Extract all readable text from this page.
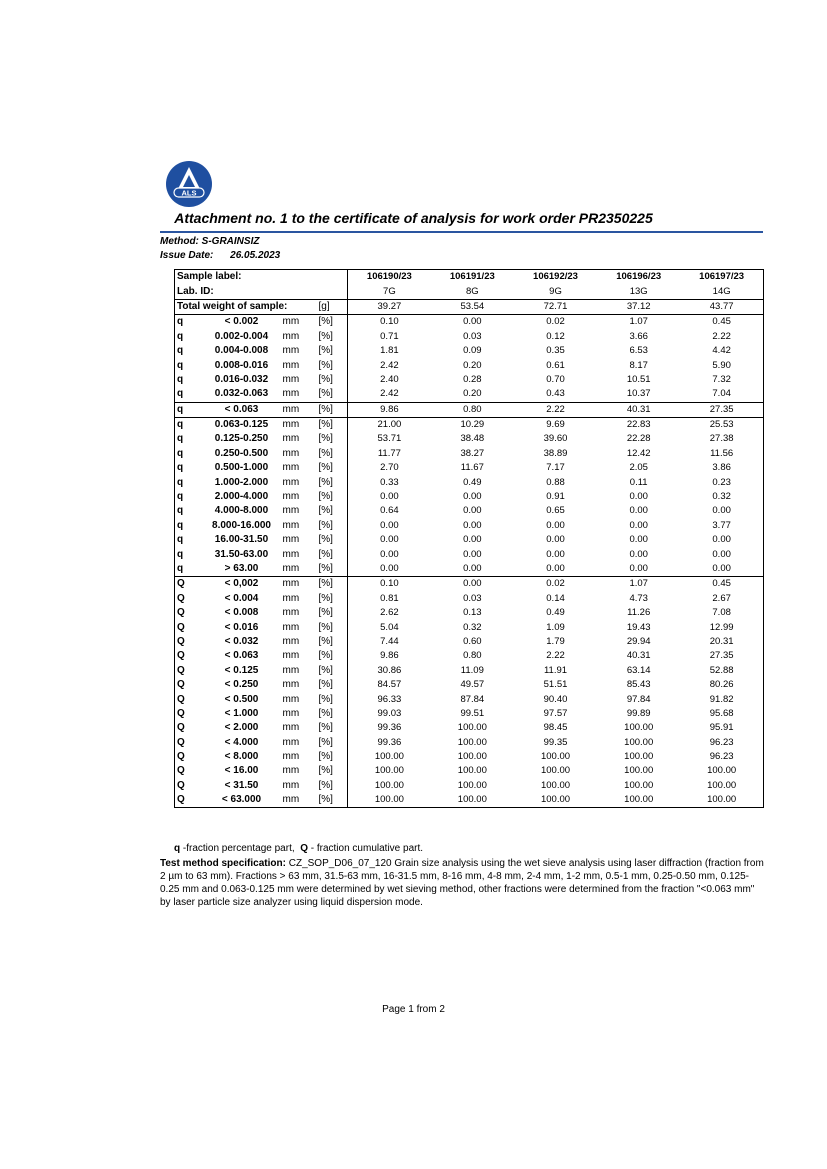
ALS
Attachment no. 1 to the certificate of analysis for work order PR2350225
Method: S-GRAINSIZ
Issue Date: 26.05.2023
Sample label:					106190/23	106191/23	106192/23	106196/23	106197/23
Lab. ID:					7G	8G	9G	13G	14G
Total weight of sample:			[g]		39.27	53.54	72.71	37.12	43.77
q	< 0.002	mm	[%]		0.10	0.00	0.02	1.07	0.45
q	0.002-0.004	mm	[%]		0.71	0.03	0.12	3.66	2.22
q	0.004-0.008	mm	[%]		1.81	0.09	0.35	6.53	4.42
q	0.008-0.016	mm	[%]		2.42	0.20	0.61	8.17	5.90
q	0.016-0.032	mm	[%]		2.40	0.28	0.70	10.51	7.32
q	0.032-0.063	mm	[%]		2.42	0.20	0.43	10.37	7.04
q	< 0.063	mm	[%]		9.86	0.80	2.22	40.31	27.35
q	0.063-0.125	mm	[%]		21.00	10.29	9.69	22.83	25.53
q	0.125-0.250	mm	[%]		53.71	38.48	39.60	22.28	27.38
q	0.250-0.500	mm	[%]		11.77	38.27	38.89	12.42	11.56
q	0.500-1.000	mm	[%]		2.70	11.67	7.17	2.05	3.86
q	1.000-2.000	mm	[%]		0.33	0.49	0.88	0.11	0.23
q	2.000-4.000	mm	[%]		0.00	0.00	0.91	0.00	0.32
q	4.000-8.000	mm	[%]		0.64	0.00	0.65	0.00	0.00
q	8.000-16.000	mm	[%]		0.00	0.00	0.00	0.00	3.77
q	16.00-31.50	mm	[%]		0.00	0.00	0.00	0.00	0.00
q	31.50-63.00	mm	[%]		0.00	0.00	0.00	0.00	0.00
q	> 63.00	mm	[%]		0.00	0.00	0.00	0.00	0.00
Q	< 0,002	mm	[%]		0.10	0.00	0.02	1.07	0.45
Q	< 0.004	mm	[%]		0.81	0.03	0.14	4.73	2.67
Q	< 0.008	mm	[%]		2.62	0.13	0.49	11.26	7.08
Q	< 0.016	mm	[%]		5.04	0.32	1.09	19.43	12.99
Q	< 0.032	mm	[%]		7.44	0.60	1.79	29.94	20.31
Q	< 0.063	mm	[%]		9.86	0.80	2.22	40.31	27.35
Q	< 0.125	mm	[%]		30.86	11.09	11.91	63.14	52.88
Q	< 0.250	mm	[%]		84.57	49.57	51.51	85.43	80.26
Q	< 0.500	mm	[%]		96.33	87.84	90.40	97.84	91.82
Q	< 1.000	mm	[%]		99.03	99.51	97.57	99.89	95.68
Q	< 2.000	mm	[%]		99.36	100.00	98.45	100.00	95.91
Q	< 4.000	mm	[%]		99.36	100.00	99.35	100.00	96.23
Q	< 8.000	mm	[%]		100.00	100.00	100.00	100.00	96.23
Q	< 16.00	mm	[%]		100.00	100.00	100.00	100.00	100.00
Q	< 31.50	mm	[%]		100.00	100.00	100.00	100.00	100.00
Q	< 63.000	mm	[%]		100.00	100.00	100.00	100.00	100.00
q -fraction percentage part, Q - fraction cumulative part.
Test method specification: CZ_SOP_D06_07_120 Grain size analysis using the wet sieve analysis using laser diffraction (fraction from 2 µm to 63 mm). Fractions > 63 mm, 31.5-63 mm, 16-31.5 mm, 8-16 mm, 4-8 mm, 2-4 mm, 1-2 mm, 0.5-1 mm, 0.25-0.50 mm, 0.125-0.25 mm and 0.063-0.125 mm were determined by wet sieving method, other fractions were determined from the fraction "<0.063 mm" by laser particle size analyzer using liquid dispersion mode.
Page 1 from 2
